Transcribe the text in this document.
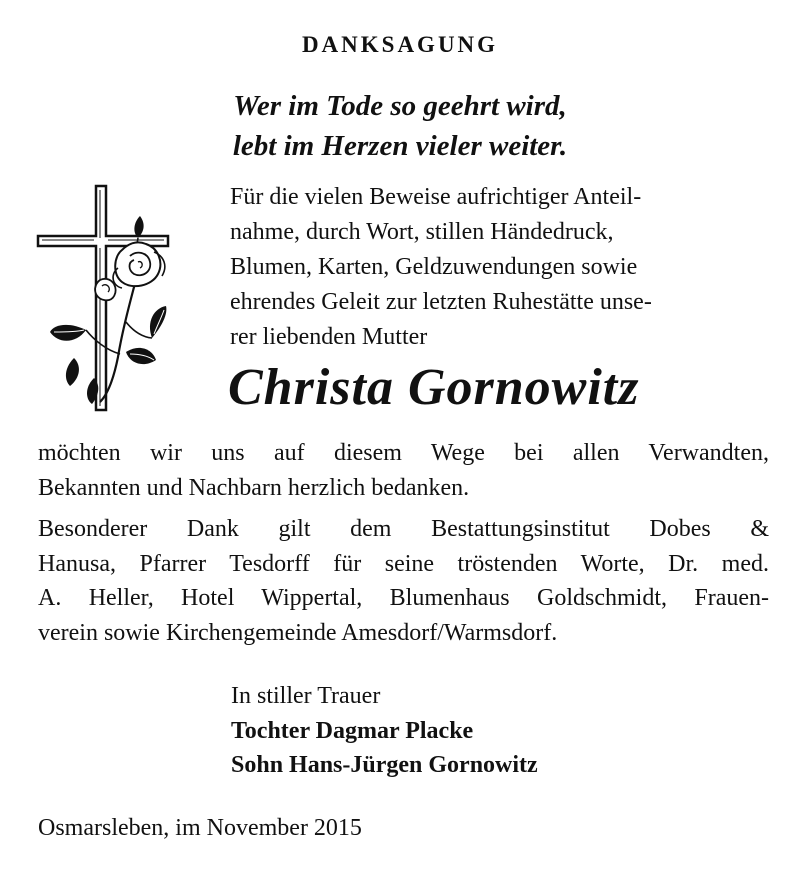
DANKSAGUNG
Wer im Tode so geehrt wird,
lebt im Herzen vieler weiter.
Für die vielen Beweise aufrichtiger Anteil-
nahme, durch Wort, stillen Händedruck,
Blumen, Karten, Geldzuwendungen sowie
ehrendes Geleit zur letzten Ruhestätte unse-
rer liebenden Mutter
Christa Gornowitz
möchten wir uns auf diesem Wege bei allen Verwandten,
Bekannten und Nachbarn herzlich bedanken.
Besonderer Dank gilt dem Bestattungsinstitut Dobes &
Hanusa, Pfarrer Tesdorff für seine tröstenden Worte, Dr. med.
A. Heller, Hotel Wippertal, Blumenhaus Goldschmidt, Frauen-
verein sowie Kirchengemeinde Amesdorf/Warmsdorf.
In stiller Trauer
Tochter Dagmar Placke
Sohn Hans-Jürgen Gornowitz
Osmarsleben, im November 2015
